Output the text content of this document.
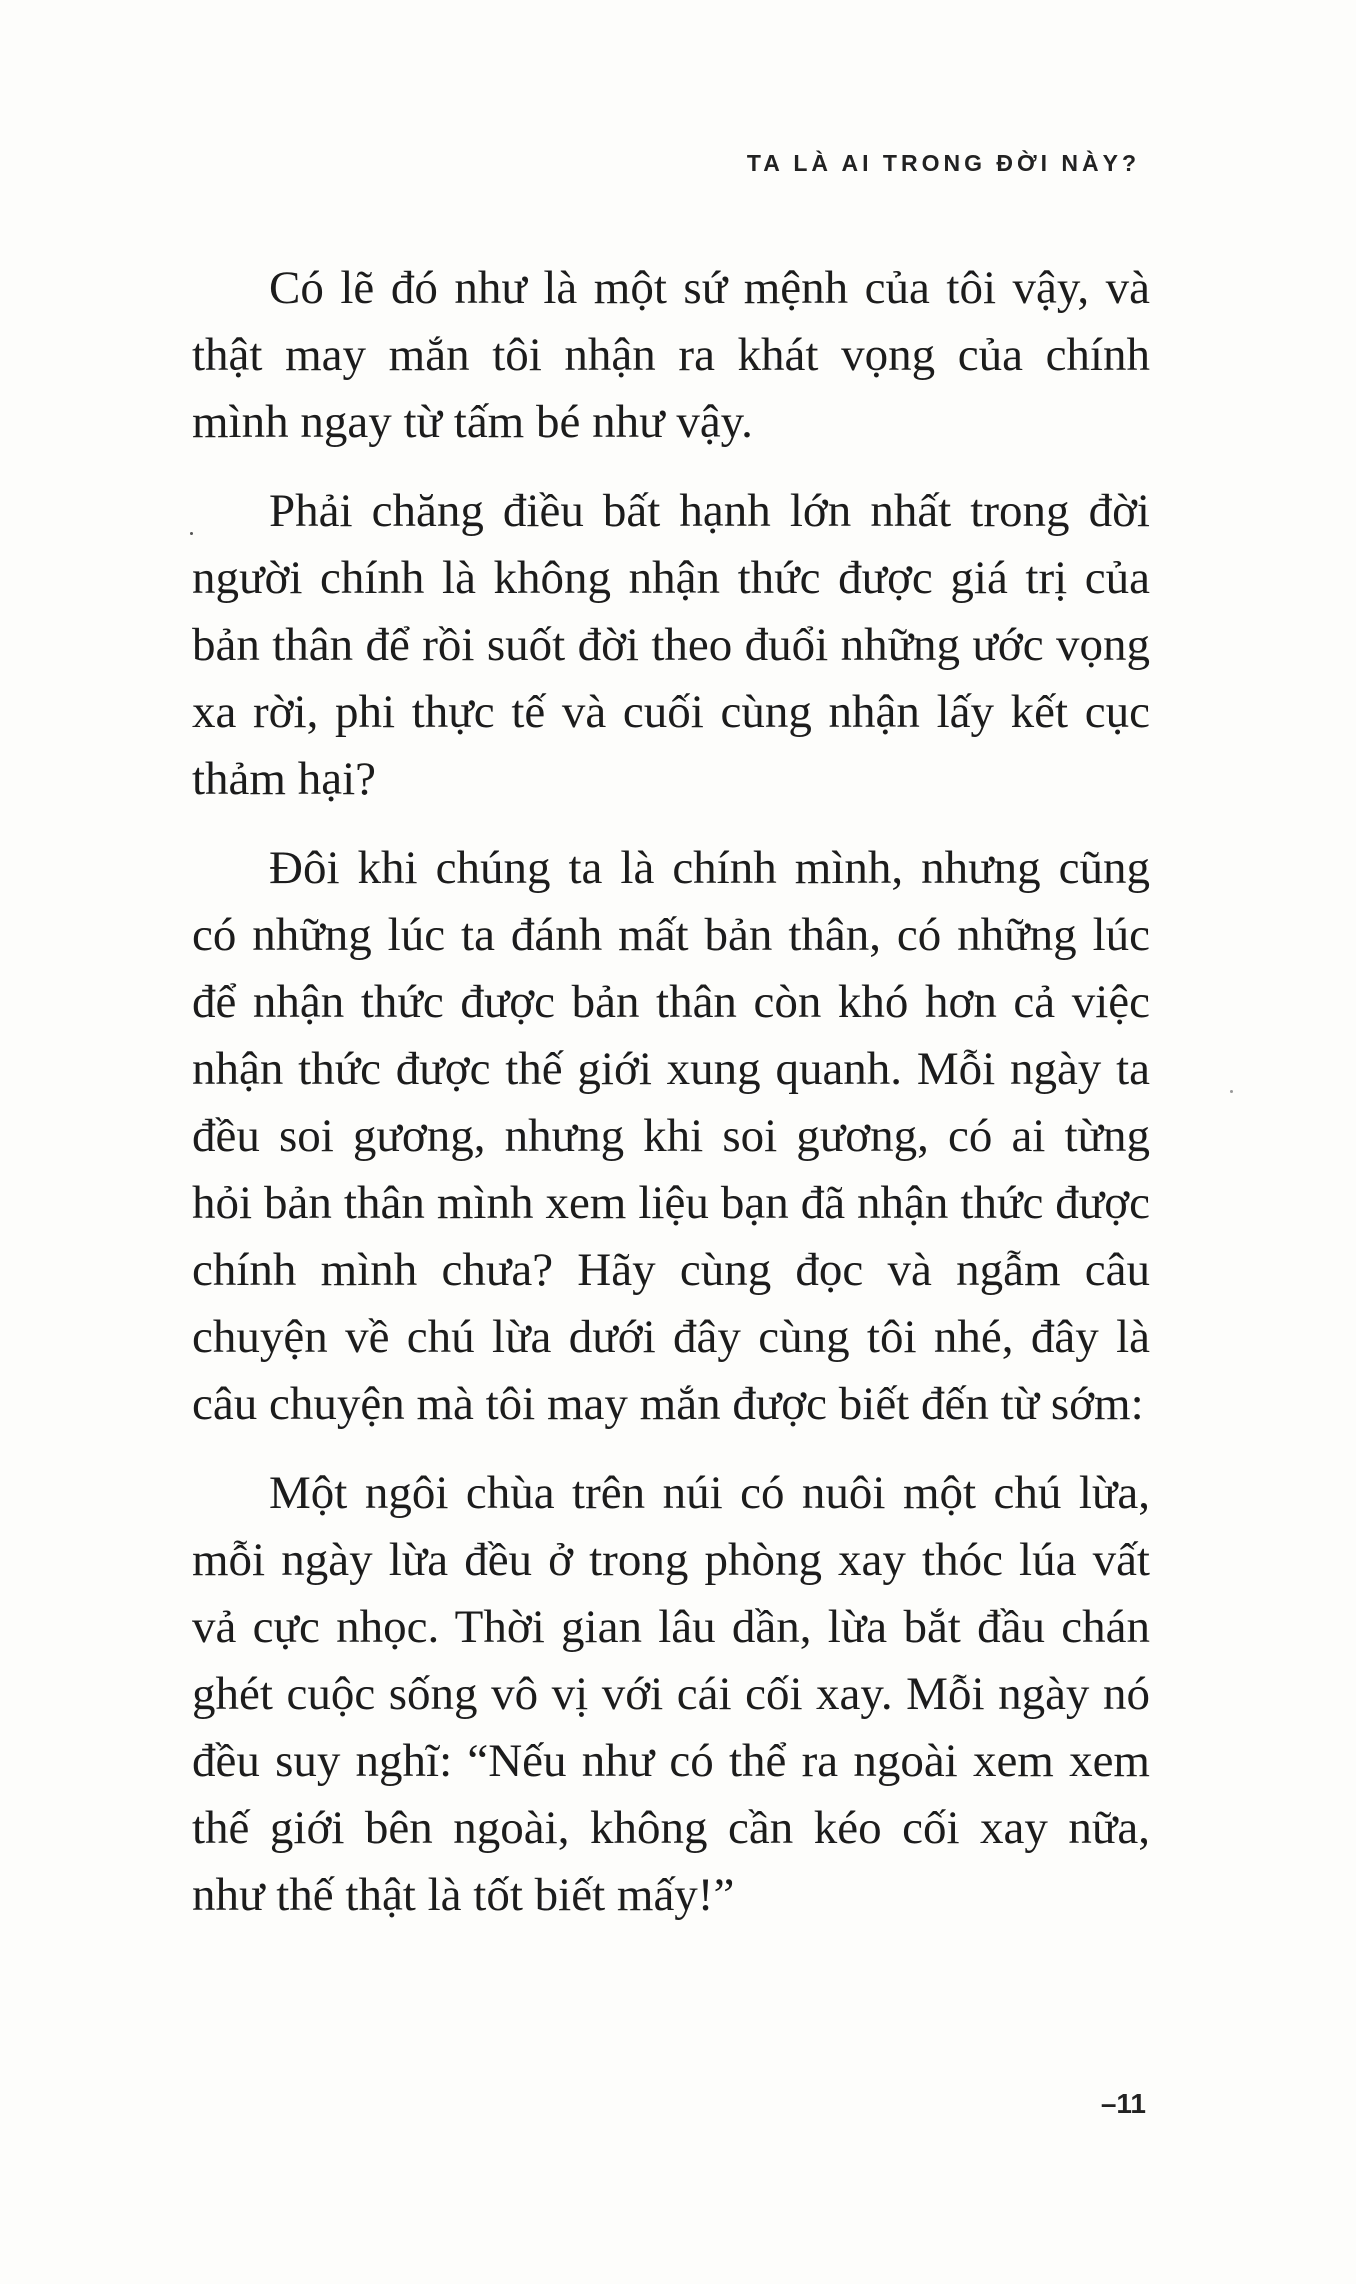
TA LÀ AI TRONG ĐỜI NÀY?

Có lẽ đó như là một sứ mệnh của tôi vậy, và thật may mắn tôi nhận ra khát vọng của chính mình ngay từ tấm bé như vậy.

Phải chăng điều bất hạnh lớn nhất trong đời người chính là không nhận thức được giá trị của bản thân để rồi suốt đời theo đuổi những ước vọng xa rời, phi thực tế và cuối cùng nhận lấy kết cục thảm hại?

Đôi khi chúng ta là chính mình, nhưng cũng có những lúc ta đánh mất bản thân, có những lúc để nhận thức được bản thân còn khó hơn cả việc nhận thức được thế giới xung quanh. Mỗi ngày ta đều soi gương, nhưng khi soi gương, có ai từng hỏi bản thân mình xem liệu bạn đã nhận thức được chính mình chưa? Hãy cùng đọc và ngẫm câu chuyện về chú lừa dưới đây cùng tôi nhé, đây là câu chuyện mà tôi may mắn được biết đến từ sớm:

Một ngôi chùa trên núi có nuôi một chú lừa, mỗi ngày lừa đều ở trong phòng xay thóc lúa vất vả cực nhọc. Thời gian lâu dần, lừa bắt đầu chán ghét cuộc sống vô vị với cái cối xay. Mỗi ngày nó đều suy nghĩ: “Nếu như có thể ra ngoài xem xem thế giới bên ngoài, không cần kéo cối xay nữa, như thế thật là tốt biết mấy!”

–11
